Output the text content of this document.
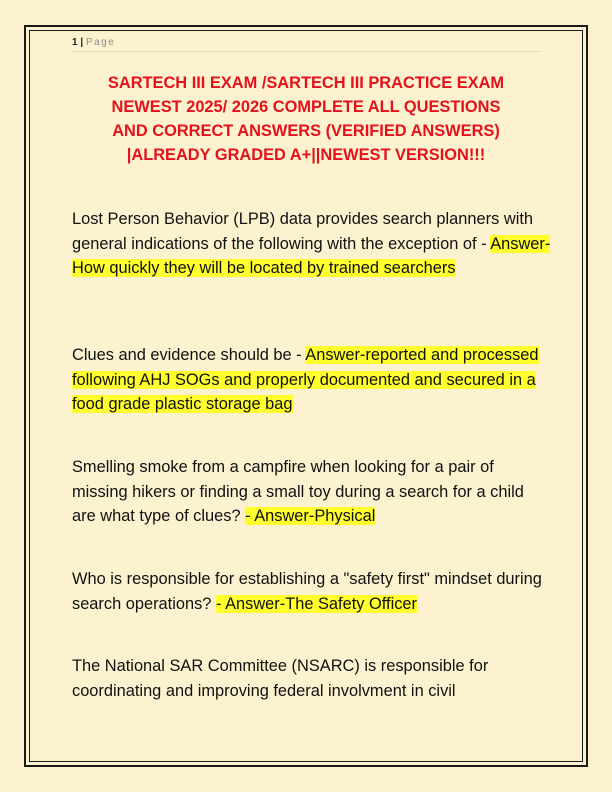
1 | Page
SARTECH III EXAM /SARTECH III PRACTICE EXAM
NEWEST 2025/ 2026 COMPLETE ALL QUESTIONS
AND CORRECT ANSWERS (VERIFIED ANSWERS)
|ALREADY GRADED A+||NEWEST VERSION!!!
Lost Person Behavior (LPB) data provides search planners with general indications of the following with the exception of - Answer-How quickly they will be located by trained searchers
Clues and evidence should be - Answer-reported and processed following AHJ SOGs and properly documented and secured in a food grade plastic storage bag
Smelling smoke from a campfire when looking for a pair of missing hikers or finding a small toy during a search for a child are what type of clues? - Answer-Physical
Who is responsible for establishing a "safety first" mindset during search operations? - Answer-The Safety Officer
The National SAR Committee (NSARC) is responsible for coordinating and improving federal involvment in civil
